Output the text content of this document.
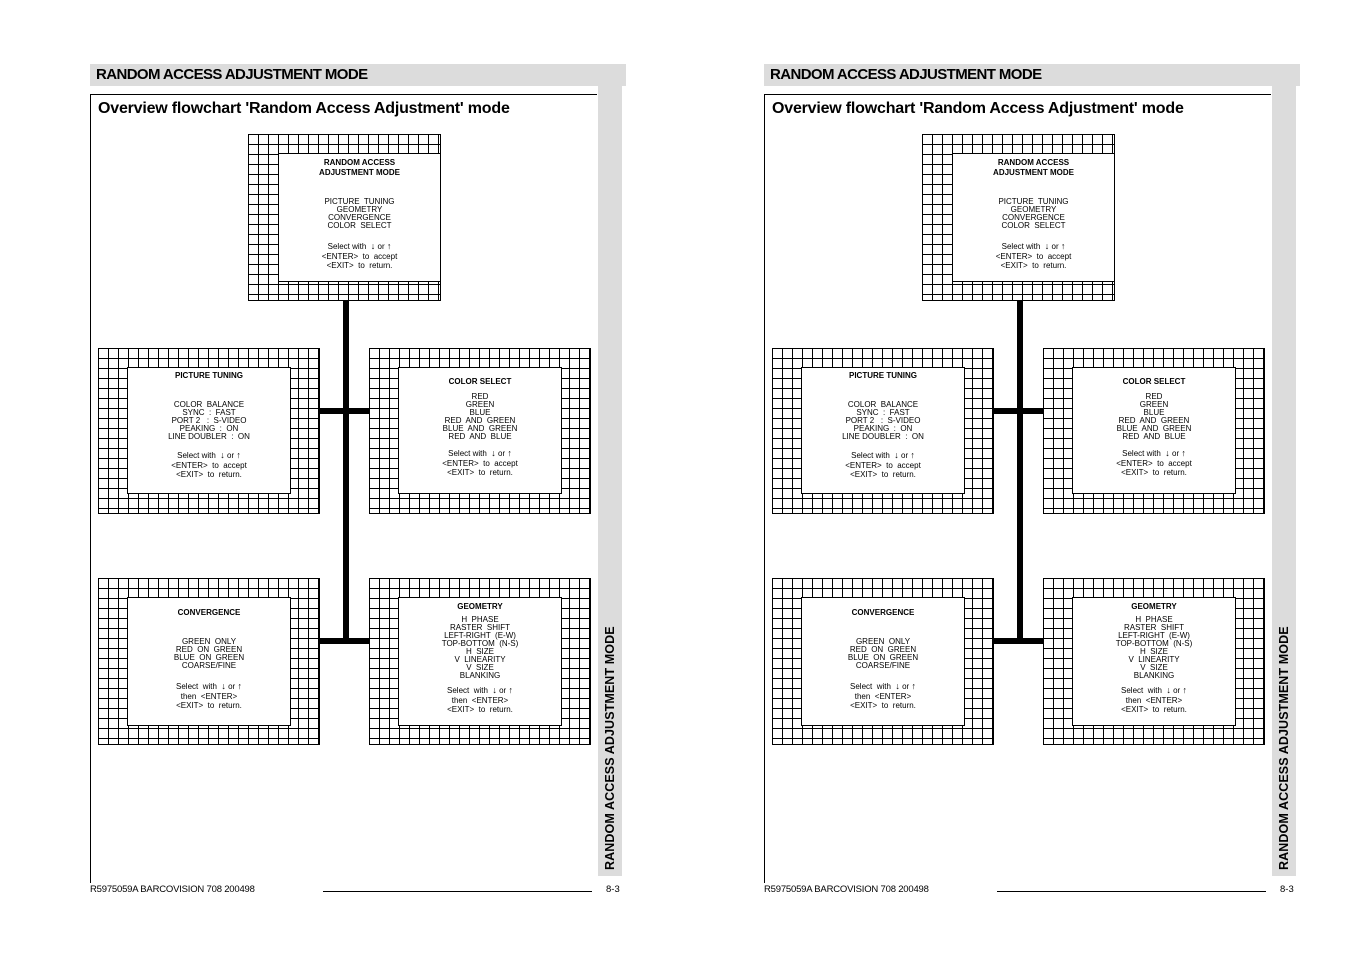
RANDOM ACCESS ADJUSTMENT MODE
RANDOM ACCESS ADJUSTMENT MODE
Overview flowchart 'Random Access Adjustment' mode
RANDOM ACCESS
ADJUSTMENT MODE
PICTURE  TUNING
GEOMETRY
CONVERGENCE
COLOR  SELECT
Select with ↓ or ↑
<ENTER>  to  accept
<EXIT>  to  return.
PICTURE TUNING
COLOR  BALANCE
SYNC  :  FAST
PORT 2   :  S-VIDEO
PEAKING  :  ON
LINE DOUBLER  :  ON
Select with ↓ or ↑
<ENTER>  to  accept
<EXIT>  to  return.
COLOR SELECT
RED
GREEN
BLUE
RED  AND  GREEN
BLUE  AND  GREEN
RED  AND  BLUE
Select with ↓ or ↑
<ENTER>  to  accept
<EXIT>  to  return.
CONVERGENCE
GREEN  ONLY
RED  ON  GREEN
BLUE  ON  GREEN
COARSE/FINE
Select  with ↓ or ↑
then  <ENTER>
<EXIT>  to  return.
GEOMETRY
H  PHASE
RASTER  SHIFT
LEFT-RIGHT  (E-W)
TOP-BOTTOM  (N-S)
H  SIZE
V  LINEARITY
V  SIZE
BLANKING
Select  with ↓ or ↑
then  <ENTER>
<EXIT>  to  return.
R5975059A BARCOVISION 708 200498	8-3
RANDOM ACCESS ADJUSTMENT MODE
RANDOM ACCESS ADJUSTMENT MODE
Overview flowchart 'Random Access Adjustment' mode
RANDOM ACCESS
ADJUSTMENT MODE
PICTURE  TUNING
GEOMETRY
CONVERGENCE
COLOR  SELECT
Select with ↓ or ↑
<ENTER>  to  accept
<EXIT>  to  return.
PICTURE TUNING
COLOR  BALANCE
SYNC  :  FAST
PORT 2   :  S-VIDEO
PEAKING  :  ON
LINE DOUBLER  :  ON
Select with ↓ or ↑
<ENTER>  to  accept
<EXIT>  to  return.
COLOR SELECT
RED
GREEN
BLUE
RED  AND  GREEN
BLUE  AND  GREEN
RED  AND  BLUE
Select with ↓ or ↑
<ENTER>  to  accept
<EXIT>  to  return.
CONVERGENCE
GREEN  ONLY
RED  ON  GREEN
BLUE  ON  GREEN
COARSE/FINE
Select  with ↓ or ↑
then  <ENTER>
<EXIT>  to  return.
GEOMETRY
H  PHASE
RASTER  SHIFT
LEFT-RIGHT  (E-W)
TOP-BOTTOM  (N-S)
H  SIZE
V  LINEARITY
V  SIZE
BLANKING
Select  with ↓ or ↑
then  <ENTER>
<EXIT>  to  return.
R5975059A BARCOVISION 708 200498	8-3
